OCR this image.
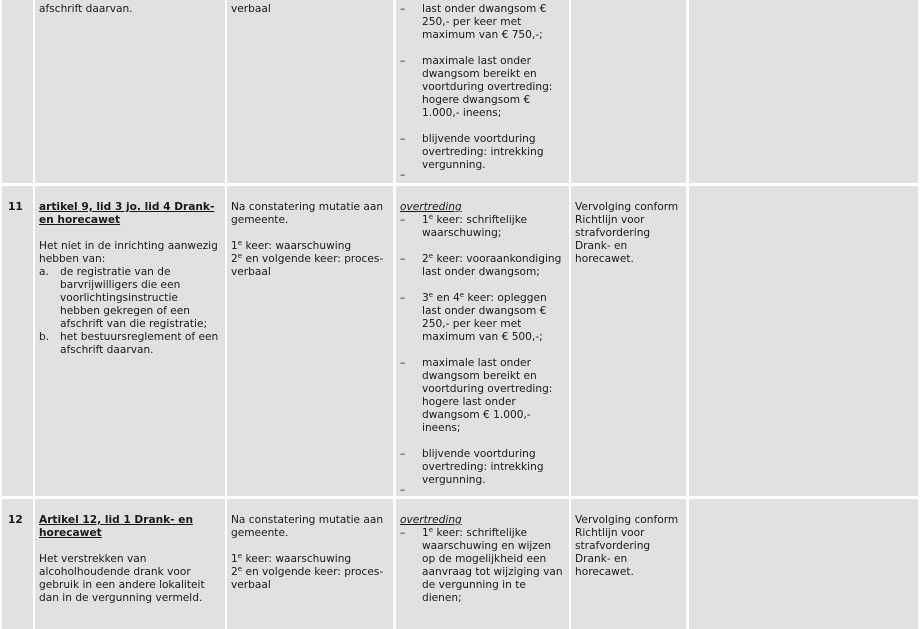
afschrift daarvan.	verbaal

–	last onder dwangsom € 250,- per keer met maximum van € 750,-;
– maximale last onder dwangsom bereikt en voortduring overtreding: hogere dwangsom € 1.000,- ineens;
– blijvende voortduring overtreding: intrekking vergunning.
–
11	artikel 9, lid 3 jo. lid 4 Drank- en horecawet

Het niet in de inrichting aanwezig hebben van:

a. de registratie van de barvrijwilligers die een voorlichtingsinstructie hebben gekregen of een afschrift van die registratie;
b. het bestuursreglement of een afschrift daarvan.

Na constatering mutatie aan gemeente.

1e keer: waarschuwing

2e en volgende keer: proces-verbaal

overtreding

– 1e keer: schriftelijke waarschuwing;
– 2e keer: vooraankondiging last onder dwangsom;
– 3e en 4e keer: opleggen last onder dwangsom € 250,- per keer met maximum van € 500,-;
– maximale last onder dwangsom bereikt en voortduring overtreding: hogere last onder dwangsom € 1.000,- ineens;
– blijvende voortduring overtreding: intrekking vergunning.
–

Vervolging conform Richtlijn voor strafvordering Drank- en horecawet.

12	Artikel 12, lid 1 Drank- en horecawet

Het verstrekken van alcoholhoudende drank voor gebruik in een andere lokaliteit dan in de vergunning vermeld.

Na constatering mutatie aan gemeente.

1e keer: waarschuwing

2e en volgende keer: proces-verbaal

overtreding

– 1e keer: schriftelijke waarschuwing en wijzen op de mogelijkheid een aanvraag tot wijziging van de vergunning in te dienen;

Vervolging conform Richtlijn voor strafvordering Drank- en horecawet.
